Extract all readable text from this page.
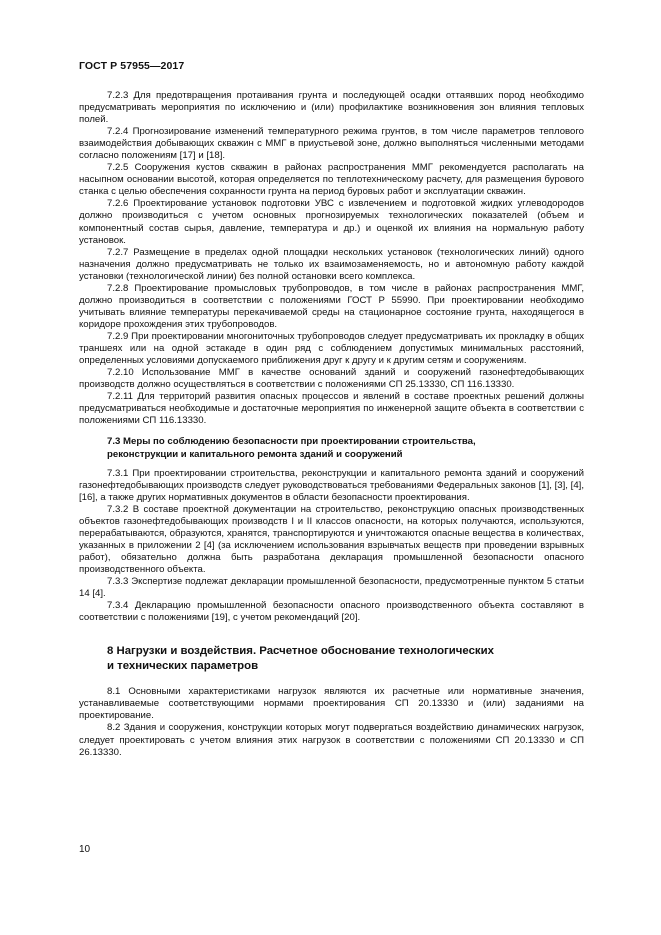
ГОСТ Р 57955—2017

7.2.3 Для предотвращения протаивания грунта и последующей осадки оттаявших пород необходимо предусматривать мероприятия по исключению и (или) профилактике возникновения зон влияния тепловых полей.

7.2.4 Прогнозирование изменений температурного режима грунтов, в том числе параметров теплового взаимодействия добывающих скважин с ММГ в приустьевой зоне, должно выполняться численными методами согласно положениям [17] и [18].

7.2.5 Сооружения кустов скважин в районах распространения ММГ рекомендуется располагать на насыпном основании высотой, которая определяется по теплотехническому расчету, для размещения бурового станка с целью обеспечения сохранности грунта на период буровых работ и эксплуатации скважин.

7.2.6 Проектирование установок подготовки УВС с извлечением и подготовкой жидких углеводородов должно производиться с учетом основных прогнозируемых технологических показателей (объем и компонентный состав сырья, давление, температура и др.) и оценкой их влияния на нормальную работу установок.

7.2.7 Размещение в пределах одной площадки нескольких установок (технологических линий) одного назначения должно предусматривать не только их взаимозаменяемость, но и автономную работу каждой установки (технологической линии) без полной остановки всего комплекса.

7.2.8 Проектирование промысловых трубопроводов, в том числе в районах распространения ММГ, должно производиться в соответствии с положениями ГОСТ Р 55990. При проектировании необходимо учитывать влияние температуры перекачиваемой среды на стационарное состояние грунта, находящегося в коридоре прохождения этих трубопроводов.

7.2.9 При проектировании многониточных трубопроводов следует предусматривать их прокладку в общих траншеях или на одной эстакаде в один ряд с соблюдением допустимых минимальных расстояний, определенных условиями допускаемого приближения друг к другу и к другим сетям и сооружениям.

7.2.10 Использование ММГ в качестве оснований зданий и сооружений газонефтедобывающих производств должно осуществляться в соответствии с положениями СП 25.13330, СП 116.13330.

7.2.11 Для территорий развития опасных процессов и явлений в составе проектных решений должны предусматриваться необходимые и достаточные мероприятия по инженерной защите объекта в соответствии с положениями СП 116.13330.

7.3 Меры по соблюдению безопасности при проектировании строительства,
реконструкции и капитального ремонта зданий и сооружений

7.3.1 При проектировании строительства, реконструкции и капитального ремонта зданий и сооружений газонефтедобывающих производств следует руководствоваться требованиями Федеральных законов [1], [3], [4], [16], а также других нормативных документов в области безопасности проектирования.

7.3.2 В составе проектной документации на строительство, реконструкцию опасных производственных объектов газонефтедобывающих производств I и II классов опасности, на которых получаются, используются, перерабатываются, образуются, хранятся, транспортируются и уничтожаются опасные вещества в количествах, указанных в приложении 2 [4] (за исключением использования взрывчатых веществ при проведении взрывных работ), обязательно должна быть разработана декларация промышленной безопасности опасного производственного объекта.

7.3.3 Экспертизе подлежат декларации промышленной безопасности, предусмотренные пунктом 5 статьи 14 [4].

7.3.4 Декларацию промышленной безопасности опасного производственного объекта составляют в соответствии с положениями [19], с учетом рекомендаций [20].

8 Нагрузки и воздействия. Расчетное обоснование технологических
и технических параметров

8.1 Основными характеристиками нагрузок являются их расчетные или нормативные значения, устанавливаемые соответствующими нормами проектирования СП 20.13330 и (или) заданиями на проектирование.

8.2 Здания и сооружения, конструкции которых могут подвергаться воздействию динамических нагрузок, следует проектировать с учетом влияния этих нагрузок в соответствии с положениями СП 20.13330 и СП 26.13330.

10
